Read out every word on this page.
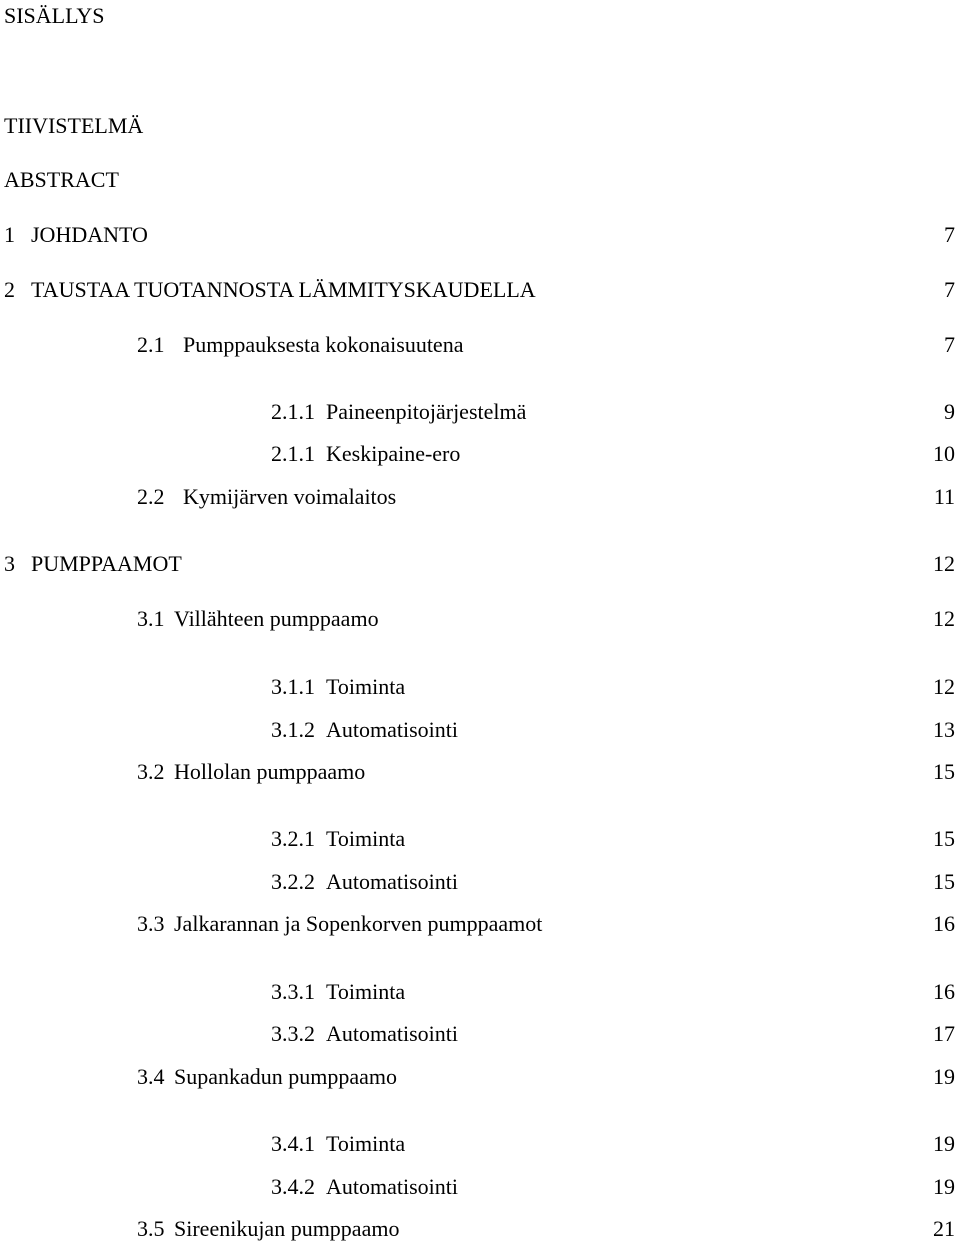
SISÄLLYS
TIIVISTELMÄ
ABSTRACT
1 JOHDANTO	7
2 TAUSTAA TUOTANNOSTA LÄMMITYSKAUDELLA	7
2.1 Pumppauksesta kokonaisuutena	7
2.1.1 Paineenpitojärjestelmä	9
2.1.1 Keskipaine-ero	10
2.2 Kymijärven voimalaitos	11
3 PUMPPAAMOT	12
3.1 Villähteen pumppaamo	12
3.1.1 Toiminta	12
3.1.2 Automatisointi	13
3.2 Hollolan pumppaamo	15
3.2.1 Toiminta	15
3.2.2 Automatisointi	15
3.3 Jalkarannan ja Sopenkorven pumppaamot	16
3.3.1 Toiminta	16
3.3.2 Automatisointi	17
3.4 Supankadun pumppaamo	19
3.4.1 Toiminta	19
3.4.2 Automatisointi	19
3.5 Sireenikujan pumppaamo	21
